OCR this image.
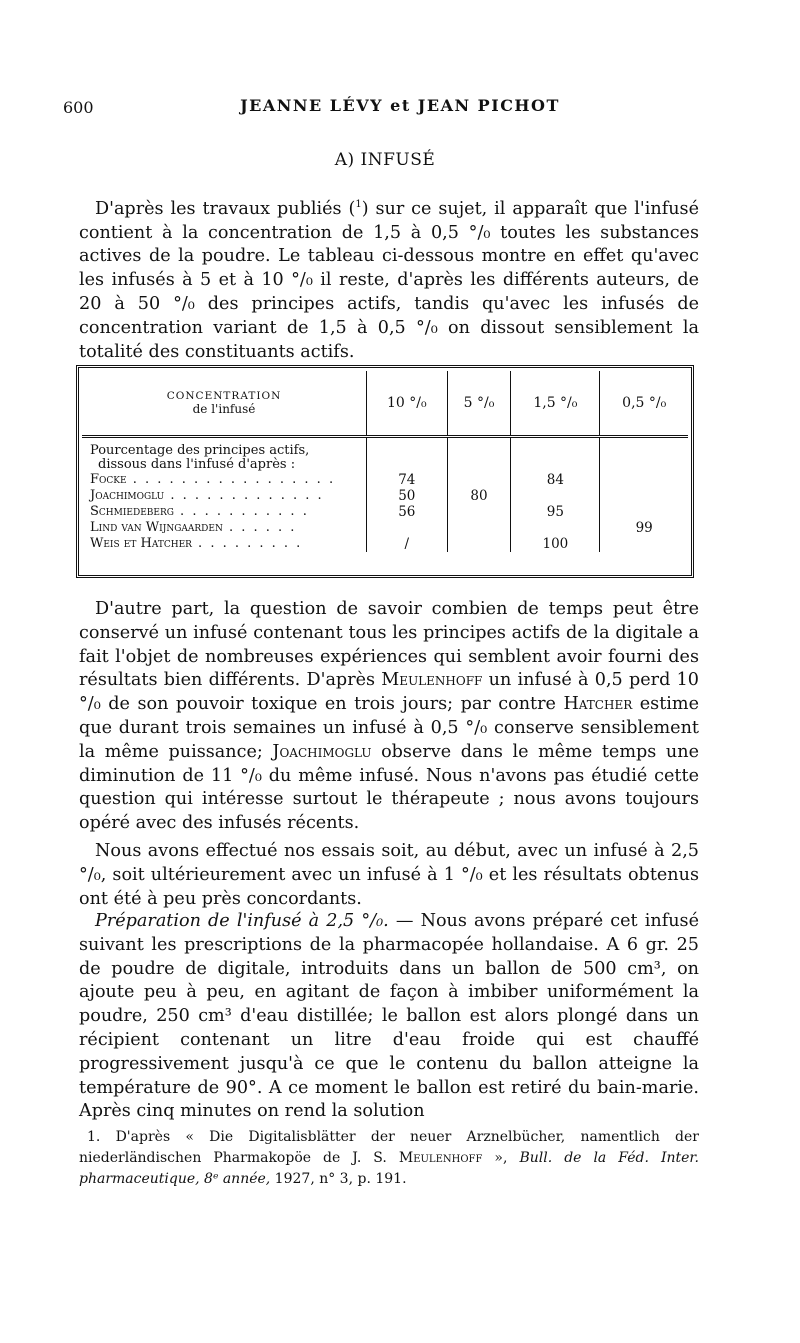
600	JEANNE LÉVY et JEAN PICHOT
A) INFUSÉ

D'après les travaux publiés ($^1$) sur ce sujet, il apparaît que l'infusé contient à la concentration de 1,5 à 0,5 °/₀ toutes les substances actives de la poudre. Le tableau ci-dessous montre en effet qu'avec les infusés à 5 et à 10 °/₀ il reste, d'après les différents auteurs, de 20 à 50 °/₀ des principes actifs, tandis qu'avec les infusés de concentration variant de 1,5 à 0,5 °/₀ on dissout sensiblement la totalité des constituants actifs.

CONCENTRATION
de l'infusé	10 °/₀	5 °/₀	1,5 °/₀	0,5 °/₀

Pourcentage des principes actifs,				
dissous dans l'infusé d'après :				
Focke . . . . . . . . . . . . . . . . .	74		84	
Joachimoglu . . . . . . . . . . . . .	50	80		
Schmiedeberg . . . . . . . . . . .	56		95	
Lind van Wijngaarden . . . . . .				99
Weis et Hatcher . . . . . . . . .	/		100	

D'autre part, la question de savoir combien de temps peut être conservé un infusé contenant tous les principes actifs de la digitale a fait l'objet de nombreuses expériences qui semblent avoir fourni des résultats bien différents. D'après Meulenhoff un infusé à 0,5 perd 10 °/₀ de son pouvoir toxique en trois jours; par contre Hatcher estime que durant trois semaines un infusé à 0,5 °/₀ conserve sensiblement la même puissance; Joachimoglu observe dans le même temps une diminution de 11 °/₀ du même infusé. Nous n'avons pas étudié cette question qui intéresse surtout le thérapeute ; nous avons toujours opéré avec des infusés récents.

Nous avons effectué nos essais soit, au début, avec un infusé à 2,5 °/₀, soit ultérieurement avec un infusé à 1 °/₀ et les résultats obtenus ont été à peu près concordants.

Préparation de l'infusé à 2,5 °/₀. — Nous avons préparé cet infusé suivant les prescriptions de la pharmacopée hollandaise. A 6 gr. 25 de poudre de digitale, introduits dans un ballon de 500 cm³, on ajoute peu à peu, en agitant de façon à imbiber uniformément la poudre, 250 cm³ d'eau distillée; le ballon est alors plongé dans un récipient contenant un litre d'eau froide qui est chauffé progressivement jusqu'à ce que le contenu du ballon atteigne la température de 90°. A ce moment le ballon est retiré du bain-marie. Après cinq minutes on rend la solution

1. D'après « Die Digitalisblätter der neuer Arznelbücher, namentlich der niederländischen Pharmakopöe de J. S. Meulenhoff », Bull. de la Féd. Inter. pharmaceutique, 8ᵉ année, 1927, n° 3, p. 191.
